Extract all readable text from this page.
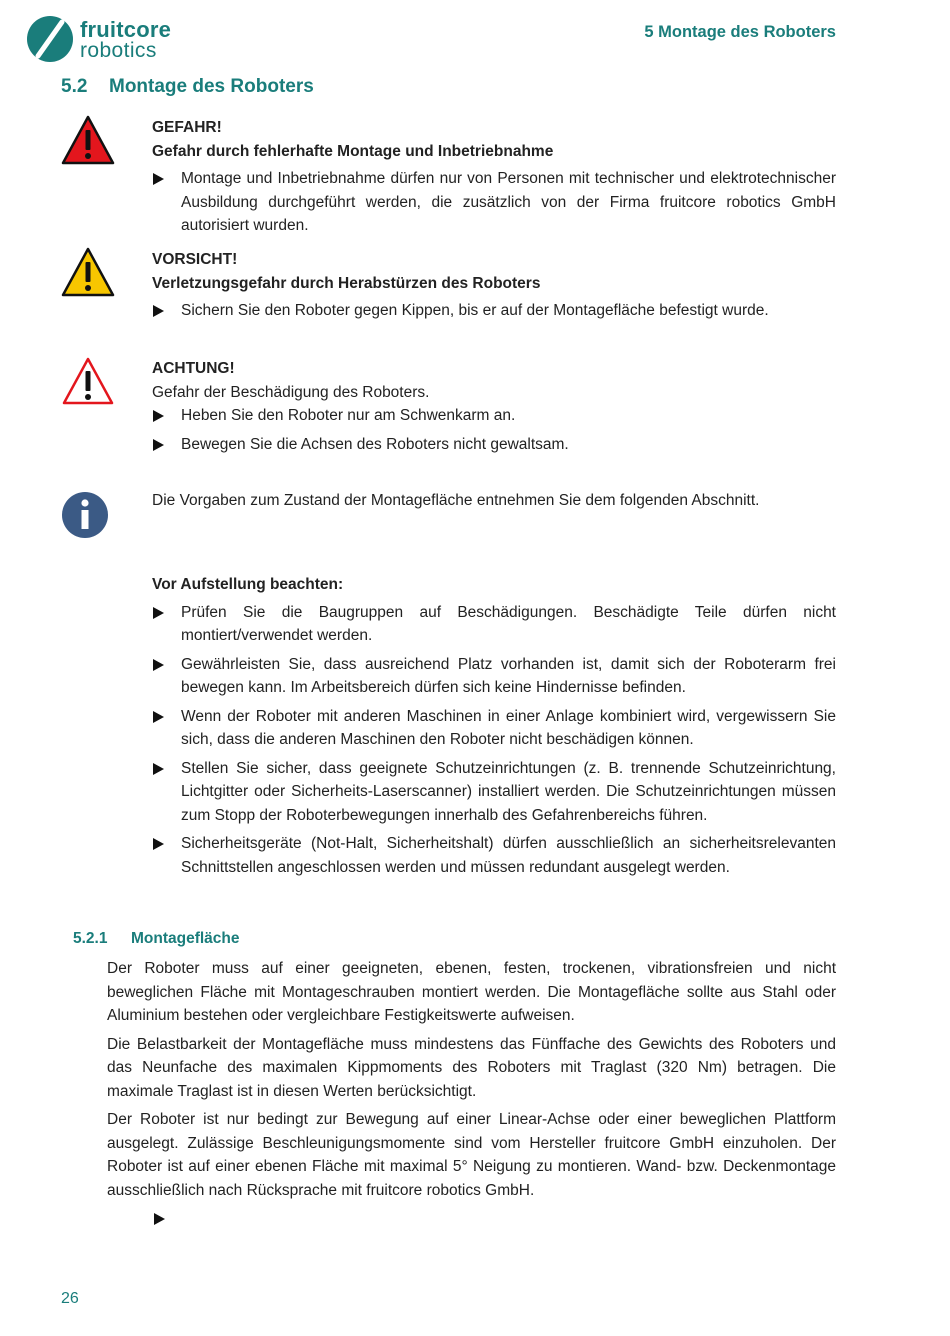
fruitcore
robotics
5 Montage des Roboters
5.2 Montage des Roboters
GEFAHR!
Gefahr durch fehlerhafte Montage und Inbetriebnahme
Montage und Inbetriebnahme dürfen nur von Personen mit technischer und elektrotechnischer Ausbildung durchgeführt werden, die zusätzlich von der Firma fruitcore robotics GmbH autorisiert wurden.
VORSICHT!
Verletzungsgefahr durch Herabstürzen des Roboters
Sichern Sie den Roboter gegen Kippen, bis er auf der Montagefläche befestigt wurde.
ACHTUNG!
Gefahr der Beschädigung des Roboters.
Heben Sie den Roboter nur am Schwenkarm an.
Bewegen Sie die Achsen des Roboters nicht gewaltsam.
Die Vorgaben zum Zustand der Montagefläche entnehmen Sie dem folgenden Abschnitt.
Vor Aufstellung beachten:
Prüfen Sie die Baugruppen auf Beschädigungen. Beschädigte Teile dürfen nicht montiert/verwendet werden.
Gewährleisten Sie, dass ausreichend Platz vorhanden ist, damit sich der Roboterarm frei bewegen kann. Im Arbeitsbereich dürfen sich keine Hindernisse befinden.
Wenn der Roboter mit anderen Maschinen in einer Anlage kombiniert wird, vergewissern Sie sich, dass die anderen Maschinen den Roboter nicht beschädigen können.
Stellen Sie sicher, dass geeignete Schutzeinrichtungen (z. B. trennende Schutzeinrichtung, Lichtgitter oder Sicherheits-Laserscanner) installiert werden. Die Schutzeinrichtungen müssen zum Stopp der Roboterbewegungen innerhalb des Gefahrenbereichs führen.
Sicherheitsgeräte (Not-Halt, Sicherheitshalt) dürfen ausschließlich an sicherheitsrelevanten Schnittstellen angeschlossen werden und müssen redundant ausgelegt werden.
5.2.1 Montagefläche

Der Roboter muss auf einer geeigneten, ebenen, festen, trockenen, vibrationsfreien und nicht beweglichen Fläche mit Montageschrauben montiert werden. Die Montagefläche sollte aus Stahl oder Aluminium bestehen oder vergleichbare Festigkeitswerte aufweisen.

Die Belastbarkeit der Montagefläche muss mindestens das Fünffache des Gewichts des Roboters und das Neunfache des maximalen Kippmoments des Roboters mit Traglast (320 Nm) betragen. Die maximale Traglast ist in diesen Werten berücksichtigt.

Der Roboter ist nur bedingt zur Bewegung auf einer Linear-Achse oder einer beweglichen Plattform ausgelegt. Zulässige Beschleunigungsmomente sind vom Hersteller fruitcore GmbH einzuholen. Der Roboter ist auf einer ebenen Fläche mit maximal 5° Neigung zu montieren. Wand- bzw. Deckenmontage ausschließlich nach Rücksprache mit fruitcore robotics GmbH.

26
